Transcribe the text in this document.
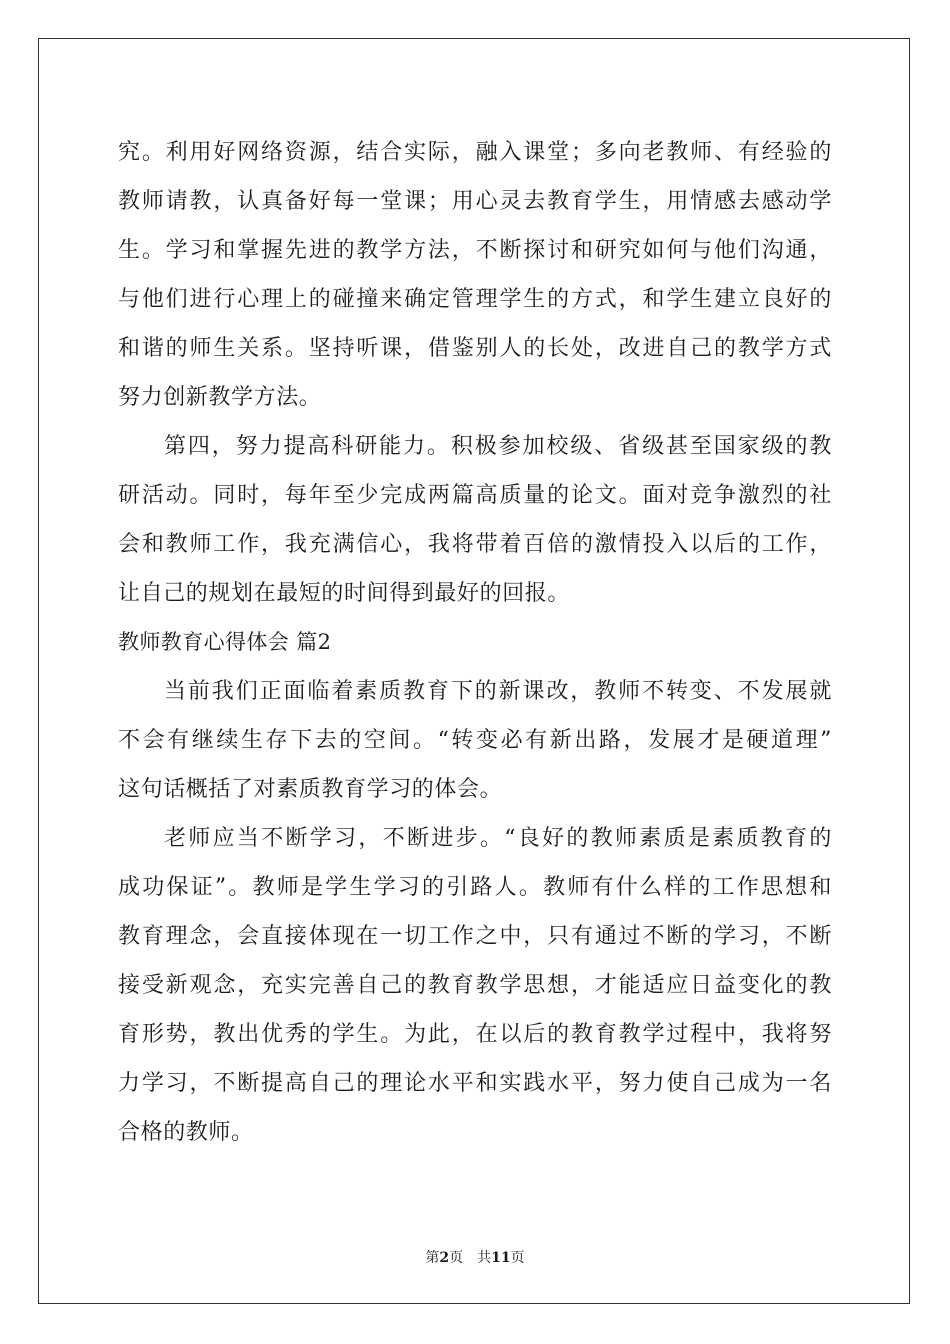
究。利用好网络资源，结合实际，融入课堂；多向老教师、有经验的
教师请教，认真备好每一堂课；用心灵去教育学生，用情感去感动学
生。学习和掌握先进的教学方法，不断探讨和研究如何与他们沟通，
与他们进行心理上的碰撞来确定管理学生的方式，和学生建立良好的
和谐的师生关系。坚持听课，借鉴别人的长处，改进自己的教学方式
努力创新教学方法。
第四，努力提高科研能力。积极参加校级、省级甚至国家级的教
研活动。同时，每年至少完成两篇高质量的论文。面对竞争激烈的社
会和教师工作，我充满信心，我将带着百倍的激情投入以后的工作，
让自己的规划在最短的时间得到最好的回报。
教师教育心得体会 篇2
当前我们正面临着素质教育下的新课改，教师不转变、不发展就
不会有继续生存下去的空间。“转变必有新出路，发展才是硬道理”
这句话概括了对素质教育学习的体会。
老师应当不断学习，不断进步。“良好的教师素质是素质教育的
成功保证”。教师是学生学习的引路人。教师有什么样的工作思想和
教育理念，会直接体现在一切工作之中，只有通过不断的学习，不断
接受新观念，充实完善自己的教育教学思想，才能适应日益变化的教
育形势，教出优秀的学生。为此，在以后的教育教学过程中，我将努
力学习，不断提高自己的理论水平和实践水平，努力使自己成为一名
合格的教师。
第2页 共11页
